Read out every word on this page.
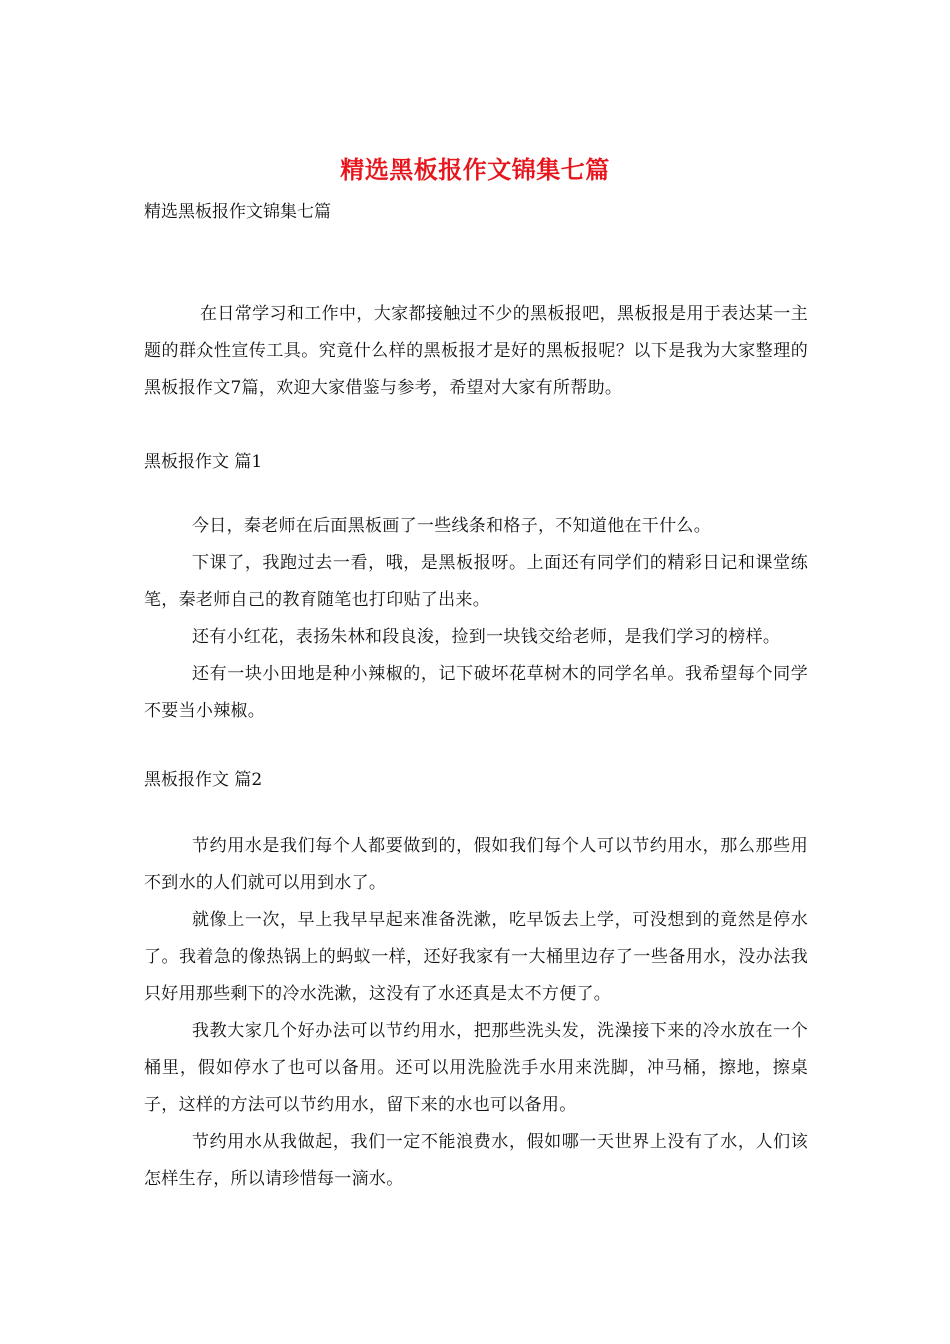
精选黑板报作文锦集七篇
精选黑板报作文锦集七篇

在日常学习和工作中，大家都接触过不少的黑板报吧，黑板报是用于表达某一主题的群众性宣传工具。究竟什么样的黑板报才是好的黑板报呢？以下是我为大家整理的黑板报作文7篇，欢迎大家借鉴与参考，希望对大家有所帮助。

黑板报作文 篇1

今日，秦老师在后面黑板画了一些线条和格子，不知道他在干什么。

下课了，我跑过去一看，哦，是黑板报呀。上面还有同学们的精彩日记和课堂练笔，秦老师自己的教育随笔也打印贴了出来。

还有小红花，表扬朱林和段良浚，捡到一块钱交给老师，是我们学习的榜样。

还有一块小田地是种小辣椒的，记下破坏花草树木的同学名单。我希望每个同学不要当小辣椒。

黑板报作文 篇2

节约用水是我们每个人都要做到的，假如我们每个人可以节约用水，那么那些用不到水的人们就可以用到水了。

就像上一次，早上我早早起来准备洗漱，吃早饭去上学，可没想到的竟然是停水了。我着急的像热锅上的蚂蚁一样，还好我家有一大桶里边存了一些备用水，没办法我只好用那些剩下的冷水洗漱，这没有了水还真是太不方便了。

我教大家几个好办法可以节约用水，把那些洗头发，洗澡接下来的冷水放在一个桶里，假如停水了也可以备用。还可以用洗脸洗手水用来洗脚，冲马桶，擦地，擦桌子，这样的方法可以节约用水，留下来的水也可以备用。

节约用水从我做起，我们一定不能浪费水，假如哪一天世界上没有了水，人们该怎样生存，所以请珍惜每一滴水。
